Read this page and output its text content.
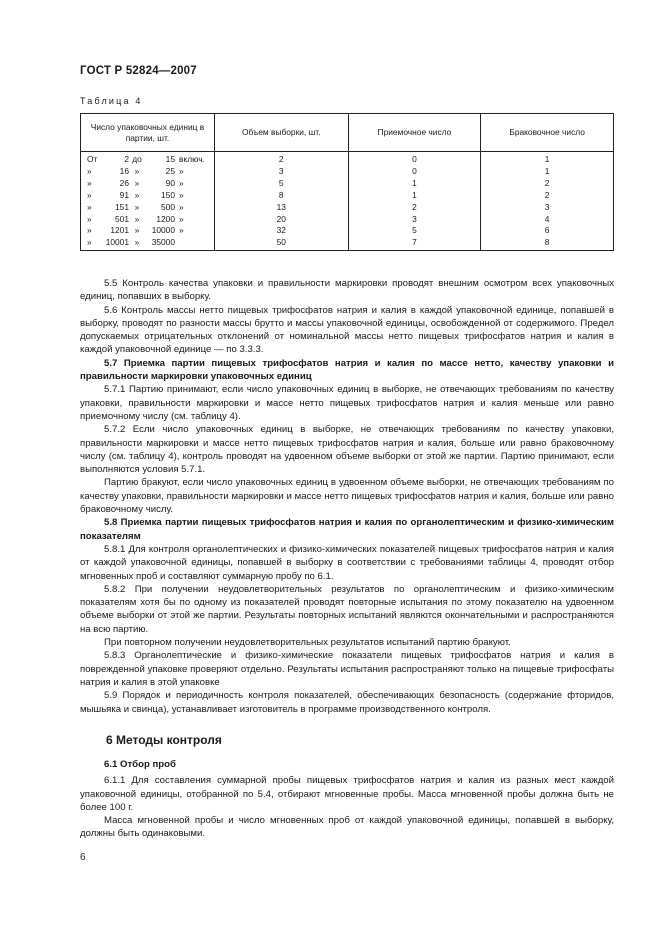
ГОСТ Р 52824—2007
Таблица 4
Число упаковочных единиц в партии, шт.	Объем выборки, шт.	Приемочное число	Браковочное число

От 2 до 15 включ.	2	0	1

» 16 » 25 »	3	0	1

» 26 » 90 »	5	1	2

» 91 » 150 »	8	1	2

» 151 » 500 »	13	2	3

» 501 » 1200 »	20	3	4

» 1201 » 10000 »	32	5	6

» 10001 » 35000	50	7	8

5.5 Контроль качества упаковки и правильности маркировки проводят внешним осмотром всех упаковочных единиц, попавших в выборку.

5.6 Контроль массы нетто пищевых трифосфатов натрия и калия в каждой упаковочной единице, попавшей в выборку, проводят по разности массы брутто и массы упаковочной единицы, освобожденной от содержимого. Предел допускаемых отрицательных отклонений от номинальной массы нетто пищевых трифосфатов натрия и калия в каждой упаковочной единице — по 3.3.3.

5.7 Приемка партии пищевых трифосфатов натрия и калия по массе нетто, качеству упаковки и правильности маркировки упаковочных единиц

5.7.1 Партию принимают, если число упаковочных единиц в выборке, не отвечающих требованиям по качеству упаковки, правильности маркировки и массе нетто пищевых трифосфатов натрия и калия меньше или равно приемочному числу (см. таблицу 4).

5.7.2 Если число упаковочных единиц в выборке, не отвечающих требованиям по качеству упаковки, правильности маркировки и массе нетто пищевых трифосфатов натрия и калия, больше или равно браковочному числу (см. таблицу 4), контроль проводят на удвоенном объеме выборки от этой же партии. Партию принимают, если выполняются условия 5.7.1.

Партию бракуют, если число упаковочных единиц в удвоенном объеме выборки, не отвечающих требованиям по качеству упаковки, правильности маркировки и массе нетто пищевых трифосфатов натрия и калия, больше или равно браковочному числу.

5.8 Приемка партии пищевых трифосфатов натрия и калия по органолептическим и физико-химическим показателям

5.8.1 Для контроля органолептических и физико-химических показателей пищевых трифосфатов натрия и калия от каждой упаковочной единицы, попавшей в выборку в соответствии с требованиями таблицы 4, проводят отбор мгновенных проб и составляют суммарную пробу по 6.1.

5.8.2 При получении неудовлетворительных результатов по органолептическим и физико-химическим показателям хотя бы по одному из показателей проводят повторные испытания по этому показателю на удвоенном объеме выборки от этой же партии. Результаты повторных испытаний являются окончательными и распространяются на всю партию.

При повторном получении неудовлетворительных результатов испытаний партию бракуют.

5.8.3 Органолептические и физико-химические показатели пищевых трифосфатов натрия и калия в поврежденной упаковке проверяют отдельно. Результаты испытания распространяют только на пищевые трифосфаты натрия и калия в этой упаковке

5.9 Порядок и периодичность контроля показателей, обеспечивающих безопасность (содержание фторидов, мышьяка и свинца), устанавливает изготовитель в программе производственного контроля.

6 Методы контроля

6.1 Отбор проб

6.1.1 Для составления суммарной пробы пищевых трифосфатов натрия и калия из разных мест каждой упаковочной единицы, отобранной по 5.4, отбирают мгновенные пробы. Масса мгновенной пробы должна быть не более 100 г.

Масса мгновенной пробы и число мгновенных проб от каждой упаковочной единицы, попавшей в выборку, должны быть одинаковыми.

6
